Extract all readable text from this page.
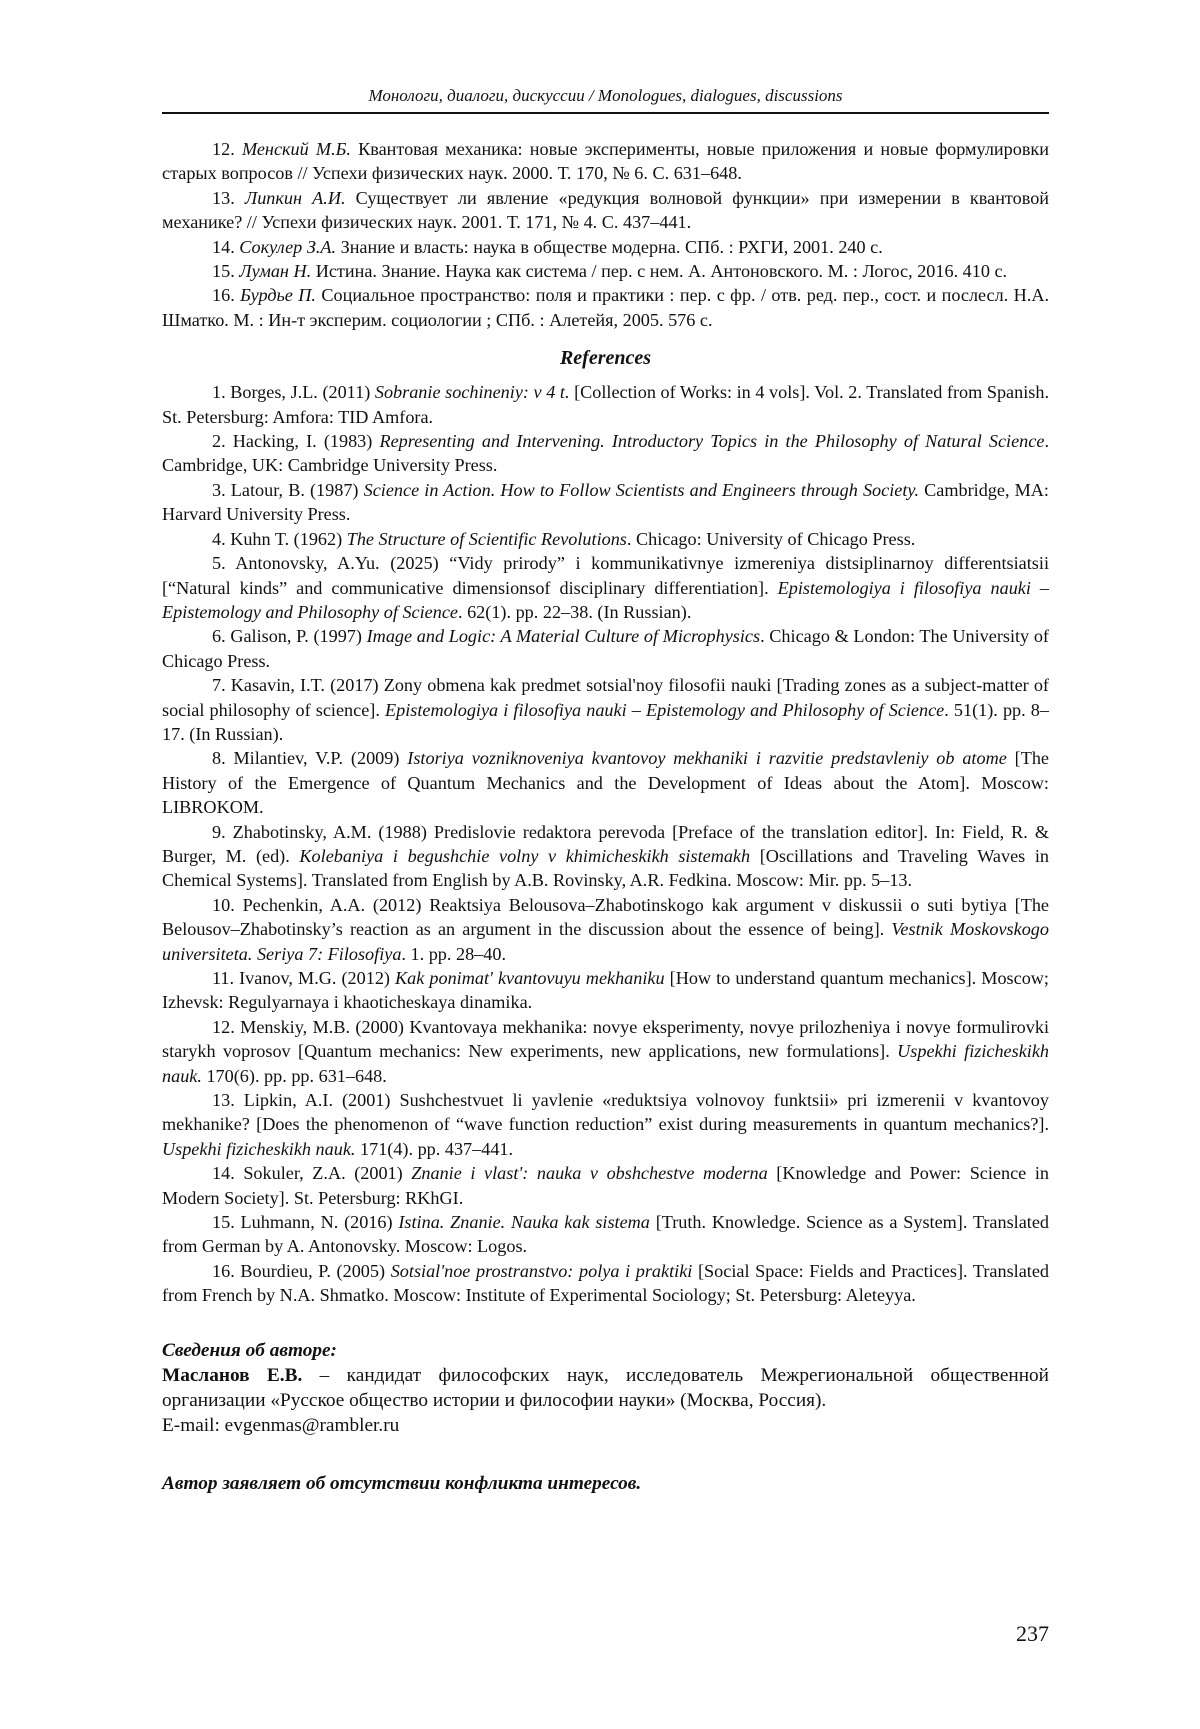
Монологи, диалоги, дискуссии / Monologues, dialogues, discussions

12. Менский М.Б. Квантовая механика: новые эксперименты, новые приложения и новые формулировки старых вопросов // Успехи физических наук. 2000. Т. 170, № 6. С. 631–648.

13. Липкин А.И. Существует ли явление «редукция волновой функции» при измерении в квантовой механике? // Успехи физических наук. 2001. Т. 171, № 4. С. 437–441.

14. Сокулер З.А. Знание и власть: наука в обществе модерна. СПб. : РХГИ, 2001. 240 с.

15. Луман Н. Истина. Знание. Наука как система / пер. с нем. А. Антоновского. М. : Логос, 2016. 410 с.

16. Бурдье П. Социальное пространство: поля и практики : пер. с фр. / отв. ред. пер., сост. и послесл. Н.А. Шматко. М. : Ин-т эксперим. социологии ; СПб. : Алетейя, 2005. 576 с.

References

1. Borges, J.L. (2011) Sobranie sochineniy: v 4 t. [Collection of Works: in 4 vols]. Vol. 2. Translated from Spanish. St. Petersburg: Amfora: TID Amfora.

2. Hacking, I. (1983) Representing and Intervening. Introductory Topics in the Philosophy of Natural Science. Cambridge, UK: Cambridge University Press.

3. Latour, B. (1987) Science in Action. How to Follow Scientists and Engineers through Society. Cambridge, MA: Harvard University Press.

4. Kuhn T. (1962) The Structure of Scientific Revolutions. Chicago: University of Chicago Press.

5. Antonovsky, A.Yu. (2025) “Vidy prirody” i kommunikativnye izmereniya distsiplinarnoy differentsiatsii [“Natural kinds” and communicative dimensionsof disciplinary differentiation]. Epistemologiya i filosofiya nauki – Epistemology and Philosophy of Science. 62(1). pp. 22–38. (In Russian).

6. Galison, P. (1997) Image and Logic: A Material Culture of Microphysics. Chicago & London: The University of Chicago Press.

7. Kasavin, I.T. (2017) Zony obmena kak predmet sotsial'noy filosofii nauki [Trading zones as a subject-matter of social philosophy of science]. Epistemologiya i filosofiya nauki – Epistemology and Philosophy of Science. 51(1). pp. 8–17. (In Russian).

8. Milantiev, V.P. (2009) Istoriya vozniknoveniya kvantovoy mekhaniki i razvitie predstavleniy ob atome [The History of the Emergence of Quantum Mechanics and the Development of Ideas about the Atom]. Moscow: LIBROKOM.

9. Zhabotinsky, A.M. (1988) Predislovie redaktora perevoda [Preface of the translation editor]. In: Field, R. & Burger, M. (ed). Kolebaniya i begushchie volny v khimicheskikh sistemakh [Oscillations and Traveling Waves in Chemical Systems]. Translated from English by A.B. Rovinsky, A.R. Fedkina. Moscow: Mir. pp. 5–13.

10. Pechenkin, A.A. (2012) Reaktsiya Belousova–Zhabotinskogo kak argument v diskussii o suti bytiya [The Belousov–Zhabotinsky’s reaction as an argument in the discussion about the essence of being]. Vestnik Moskovskogo universiteta. Seriya 7: Filosofiya. 1. pp. 28–40.

11. Ivanov, M.G. (2012) Kak ponimat' kvantovuyu mekhaniku [How to understand quantum mechanics]. Moscow; Izhevsk: Regulyarnaya i khaoticheskaya dinamika.

12. Menskiy, M.B. (2000) Kvantovaya mekhanika: novye eksperimenty, novye prilozheniya i novye formulirovki starykh voprosov [Quantum mechanics: New experiments, new applications, new formulations]. Uspekhi fizicheskikh nauk. 170(6). pp. pp. 631–648.

13. Lipkin, A.I. (2001) Sushchestvuet li yavlenie «reduktsiya volnovoy funktsii» pri izmerenii v kvantovoy mekhanike? [Does the phenomenon of “wave function reduction” exist during measurements in quantum mechanics?]. Uspekhi fizicheskikh nauk. 171(4). pp. 437–441.

14. Sokuler, Z.A. (2001) Znanie i vlast': nauka v obshchestve moderna [Knowledge and Power: Science in Modern Society]. St. Petersburg: RKhGI.

15. Luhmann, N. (2016) Istina. Znanie. Nauka kak sistema [Truth. Knowledge. Science as a System]. Translated from German by A. Antonovsky. Moscow: Logos.

16. Bourdieu, P. (2005) Sotsial'noe prostranstvo: polya i praktiki [Social Space: Fields and Practices]. Translated from French by N.A. Shmatko. Moscow: Institute of Experimental Sociology; St. Petersburg: Aleteyya.

Сведения об авторе:

Масланов Е.В. – кандидат философских наук, исследователь Межрегиональной общественной организации «Русское общество истории и философии науки» (Москва, Россия).

E-mail: evgenmas@rambler.ru

Автор заявляет об отсутствии конфликта интересов.
237
